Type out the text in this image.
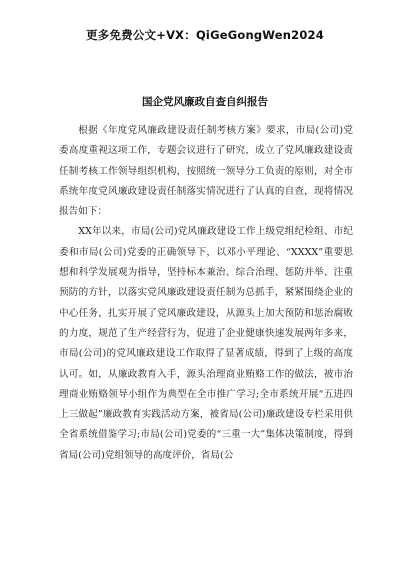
更多免费公文+VX：QiGeGongWen2024
国企党风廉政自查自纠报告

根据《年度党风廉政建设责任制考核方案》要求，市局(公司)党委高度重视这项工作，专题会议进行了研究，成立了党风廉政建设责任制考核工作领导组织机构，按照统一领导分工负责的原则，对全市系统年度党风廉政建设责任制落实情况进行了认真的自查，现将情况报告如下：

XX年以来，市局(公司)党风廉政建设工作上级党组纪检组、市纪委和市局(公司)党委的正确领导下，以邓小平理论、“XXXX”重要思想和科学发展观为指导，坚持标本兼治、综合治理、惩防并举、注重预防的方针，以落实党风廉政建设责任制为总抓手，紧紧围绕企业的中心任务，扎实开展了党风廉政建设，从源头上加大预防和惩治腐败的力度，规范了生产经营行为，促进了企业健康快速发展两年多来，市局(公司)的党风廉政建设工作取得了显著成绩，得到了上级的高度认可。如，从廉政教育入手，源头治理商业贿赂工作的做法，被市治理商业贿赂领导小组作为典型在全市推广学习;全市系统开展“五进四上三做起”廉政教育实践活动方案，被省局(公司)廉政建设专栏采用供全省系统借鉴学习;市局(公司)党委的“三重一大”集体决策制度，得到省局(公司)党组领导的高度评价，省局(公
